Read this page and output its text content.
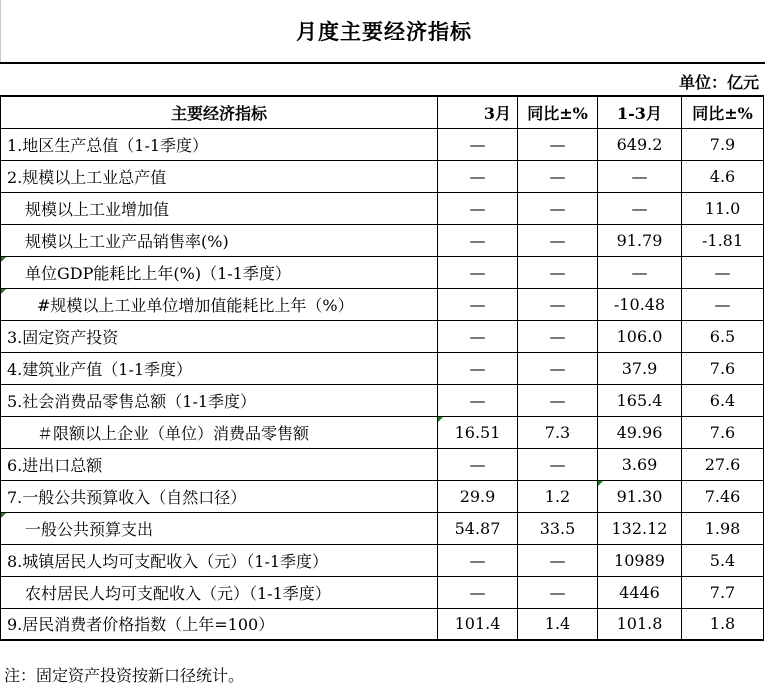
月度主要经济指标
单位：亿元
主要经济指标	3月	同比±%	1-3月	同比±%
1.地区生产总值（1-1季度）	—	—	649.2	7.9
2.规模以上工业总产值	—	—	—	4.6
规模以上工业增加值	—	—	—	11.0
规模以上工业产品销售率(%)	—	—	91.79	-1.81
单位GDP能耗比上年(%)（1-1季度）	—	—	—	—
#规模以上工业单位增加值能耗比上年（%）	—	—	-10.48	—
3.固定资产投资	—	—	106.0	6.5
4.建筑业产值（1-1季度）	—	—	37.9	7.6
5.社会消费品零售总额（1-1季度）	—	—	165.4	6.4
＃限额以上企业（单位）消费品零售额	16.51	7.3	49.96	7.6
6.进出口总额	—	—	3.69	27.6
7.一般公共预算收入（自然口径）	29.9	1.2	91.30	7.46
一般公共预算支出	54.87	33.5	132.12	1.98
8.城镇居民人均可支配收入（元）（1-1季度）	—	—	10989	5.4
农村居民人均可支配收入（元）（1-1季度）	—	—	4446	7.7
9.居民消费者价格指数（上年=100）	101.4	1.4	101.8	1.8
注：固定资产投资按新口径统计。
